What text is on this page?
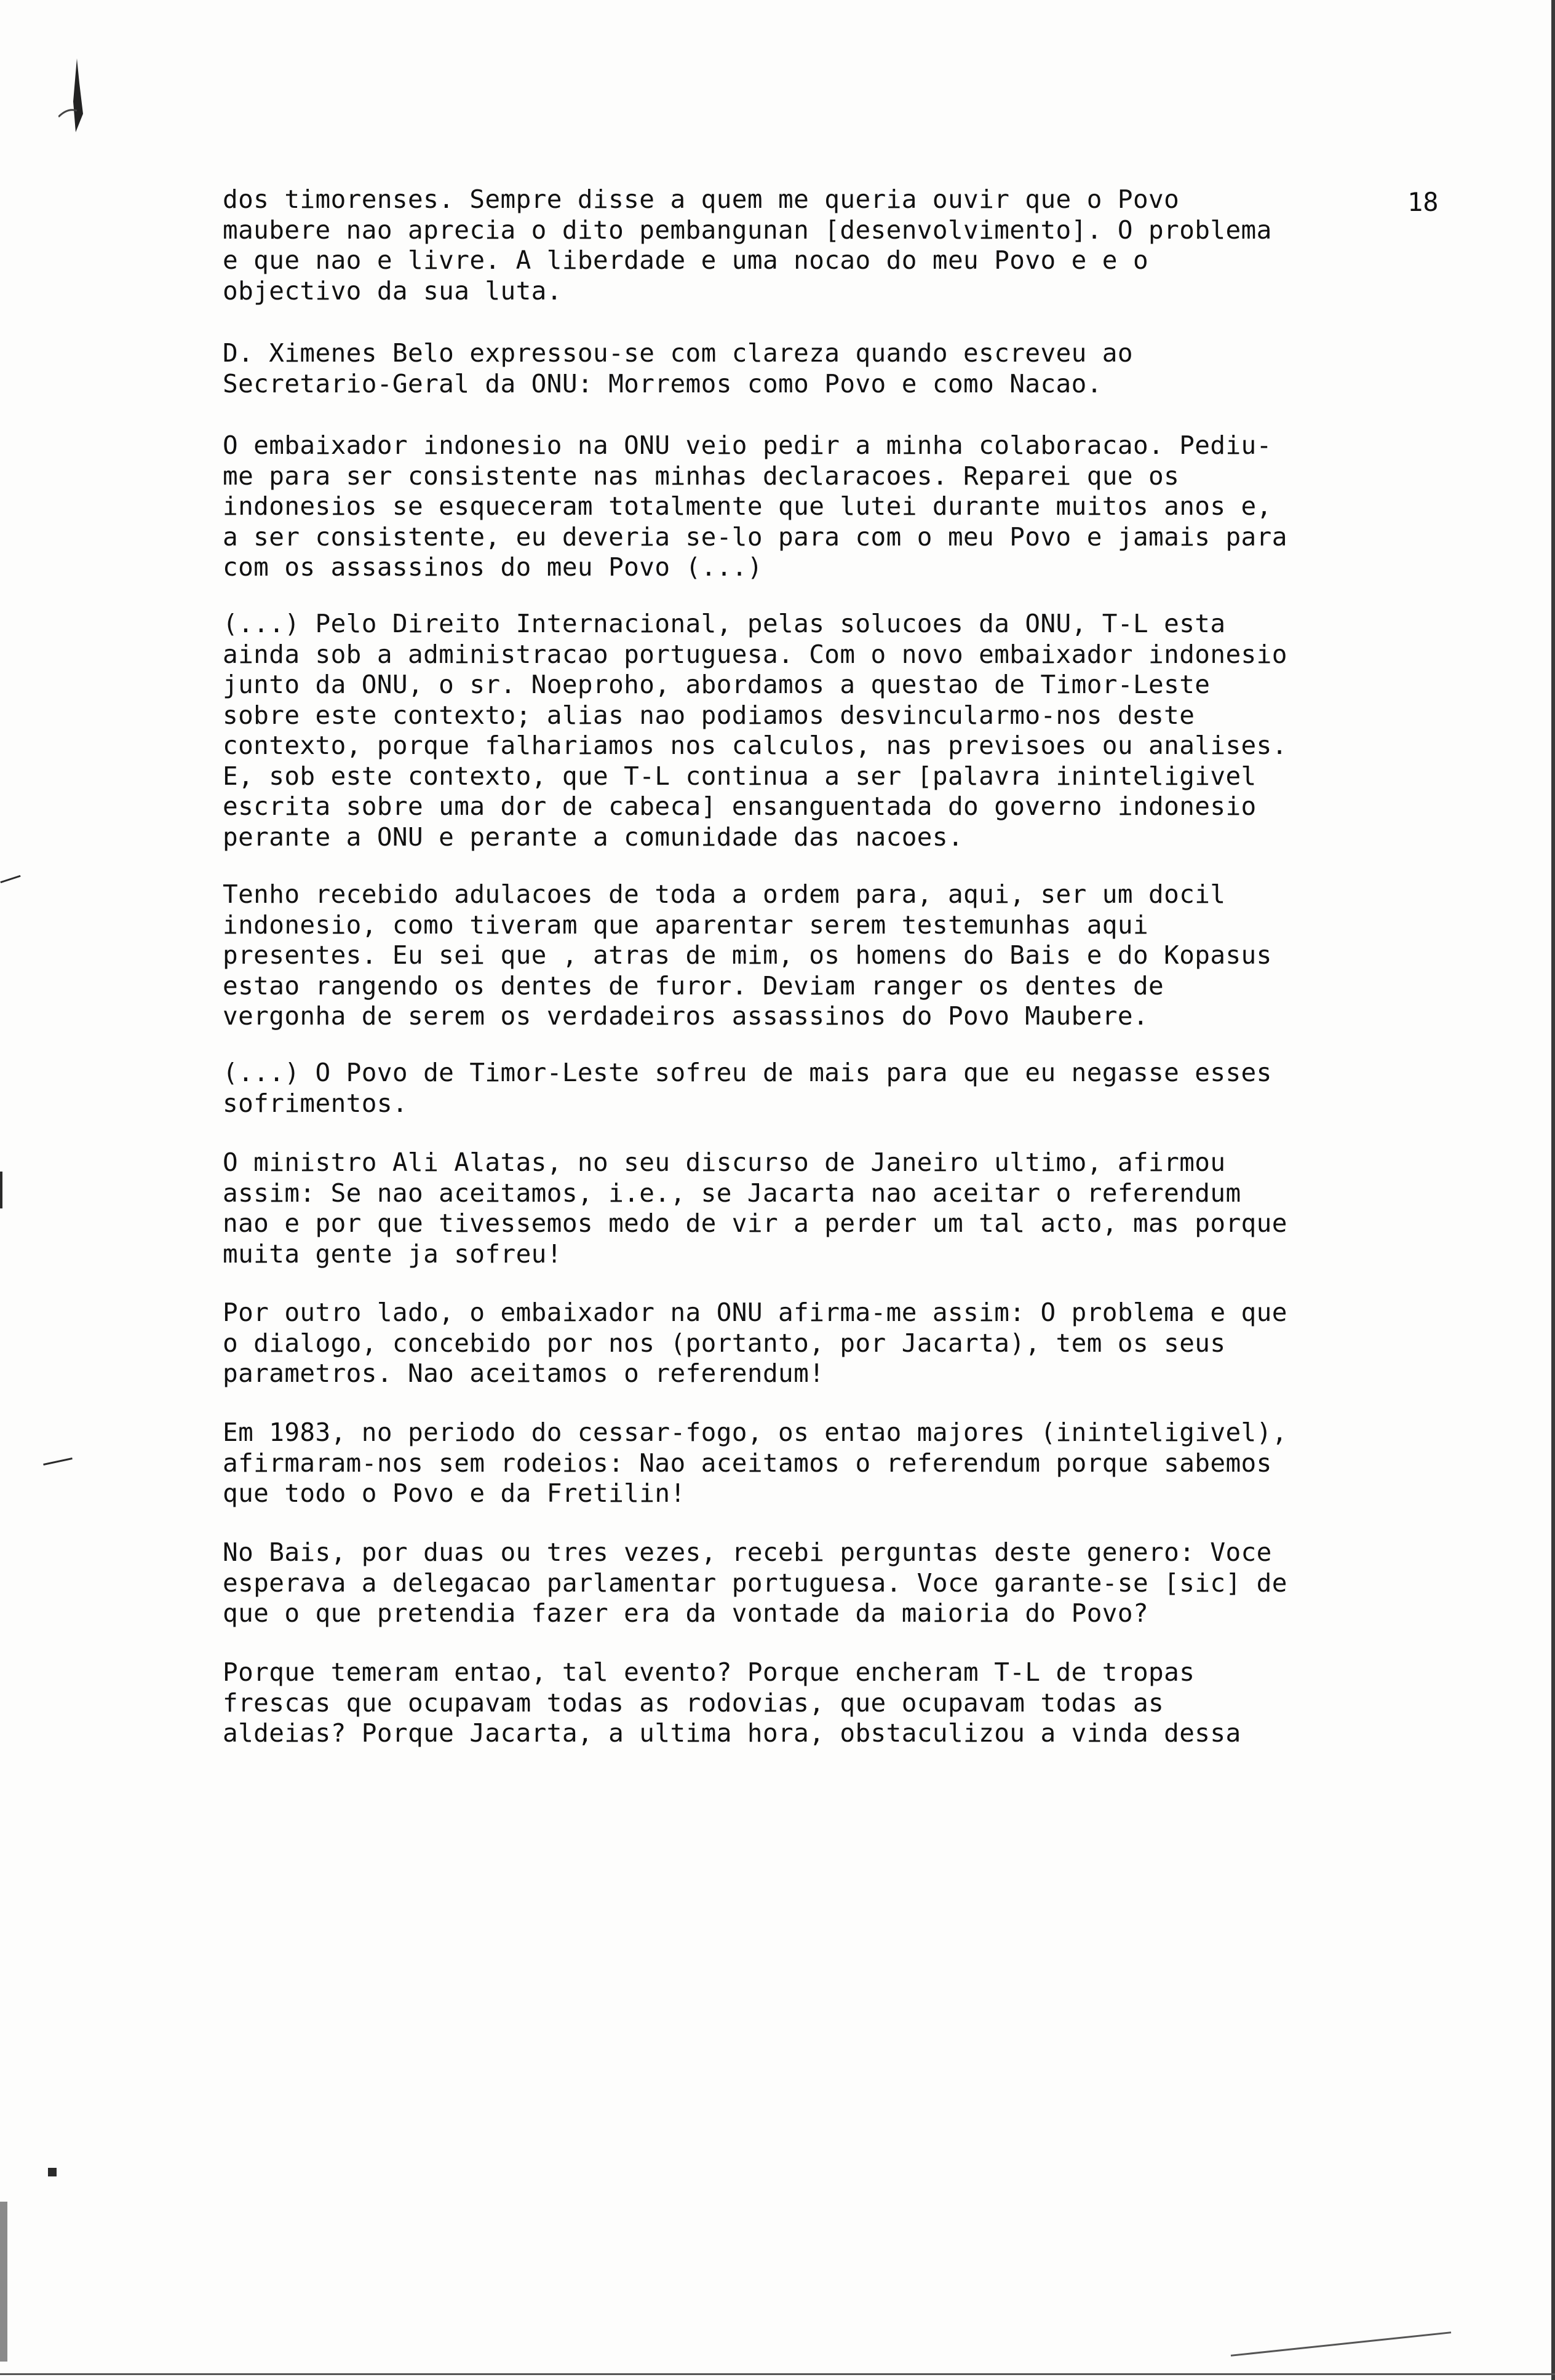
18

dos timorenses. Sempre disse a quem me queria ouvir que o Povo
maubere nao aprecia o dito pembangunan [desenvolvimento]. O problema
e que nao e livre. A liberdade e uma nocao do meu Povo e e o
objectivo da sua luta.

D. Ximenes Belo expressou-se com clareza quando escreveu ao
Secretario-Geral da ONU: Morremos como Povo e como Nacao.

O embaixador indonesio na ONU veio pedir a minha colaboracao. Pediu-
me para ser consistente nas minhas declaracoes. Reparei que os
indonesios se esqueceram totalmente que lutei durante muitos anos e,
a ser consistente, eu deveria se-lo para com o meu Povo e jamais para
com os assassinos do meu Povo (...)

(...) Pelo Direito Internacional, pelas solucoes da ONU, T-L esta
ainda sob a administracao portuguesa. Com o novo embaixador indonesio
junto da ONU, o sr. Noeproho, abordamos a questao de Timor-Leste
sobre este contexto; alias nao podiamos desvincularmo-nos deste
contexto, porque falhariamos nos calculos, nas previsoes ou analises.
E, sob este contexto, que T-L continua a ser [palavra ininteligivel
escrita sobre uma dor de cabeca] ensanguentada do governo indonesio
perante a ONU e perante a comunidade das nacoes.

Tenho recebido adulacoes de toda a ordem para, aqui, ser um docil
indonesio, como tiveram que aparentar serem testemunhas aqui
presentes. Eu sei que , atras de mim, os homens do Bais e do Kopasus
estao rangendo os dentes de furor. Deviam ranger os dentes de
vergonha de serem os verdadeiros assassinos do Povo Maubere.

(...) O Povo de Timor-Leste sofreu de mais para que eu negasse esses
sofrimentos.

O ministro Ali Alatas, no seu discurso de Janeiro ultimo, afirmou
assim: Se nao aceitamos, i.e., se Jacarta nao aceitar o referendum
nao e por que tivessemos medo de vir a perder um tal acto, mas porque
muita gente ja sofreu!

Por outro lado, o embaixador na ONU afirma-me assim: O problema e que
o dialogo, concebido por nos (portanto, por Jacarta), tem os seus
parametros. Nao aceitamos o referendum!

Em 1983, no periodo do cessar-fogo, os entao majores (ininteligivel),
afirmaram-nos sem rodeios: Nao aceitamos o referendum porque sabemos
que todo o Povo e da Fretilin!

No Bais, por duas ou tres vezes, recebi perguntas deste genero: Voce
esperava a delegacao parlamentar portuguesa. Voce garante-se [sic] de
que o que pretendia fazer era da vontade da maioria do Povo?

Porque temeram entao, tal evento? Porque encheram T-L de tropas
frescas que ocupavam todas as rodovias, que ocupavam todas as
aldeias? Porque Jacarta, a ultima hora, obstaculizou a vinda dessa
